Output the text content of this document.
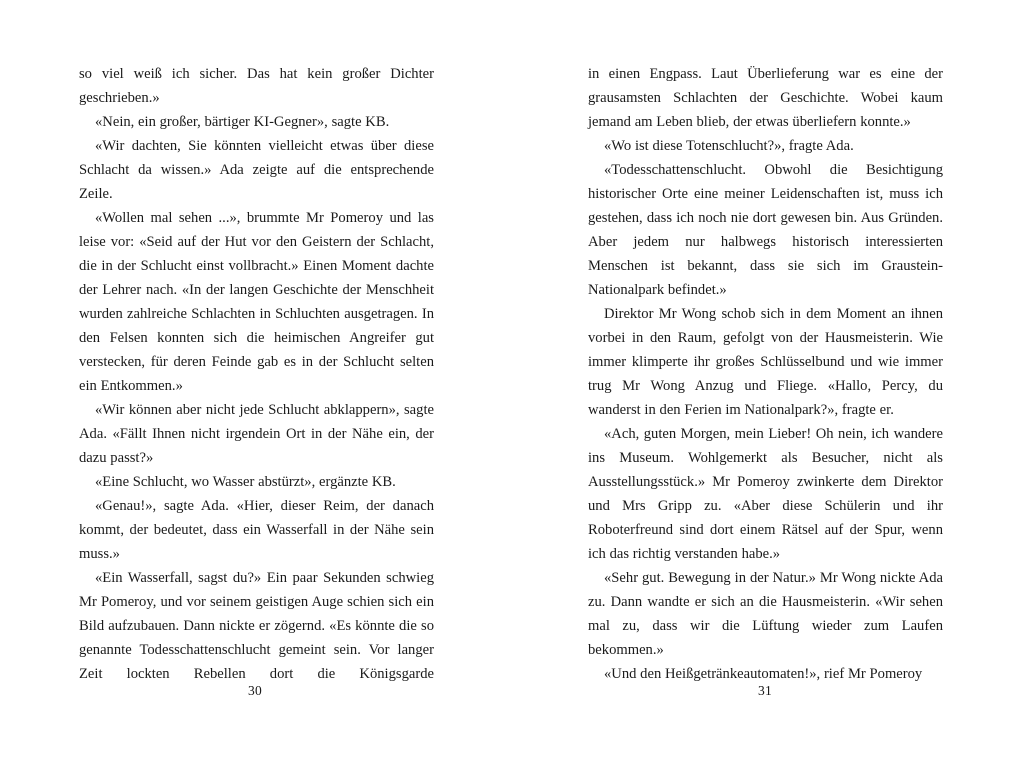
so viel weiß ich sicher. Das hat kein großer Dichter geschrieben.»

«Nein, ein großer, bärtiger KI-Gegner», sagte KB.

«Wir dachten, Sie könnten vielleicht etwas über diese Schlacht da wissen.» Ada zeigte auf die entsprechende Zeile.

«Wollen mal sehen ...», brummte Mr Pomeroy und las leise vor: «Seid auf der Hut vor den Geistern der Schlacht, die in der Schlucht einst vollbracht.» Einen Moment dachte der Lehrer nach. «In der langen Geschichte der Menschheit wurden zahlreiche Schlachten in Schluchten ausgetragen. In den Felsen konnten sich die heimischen Angreifer gut verstecken, für deren Feinde gab es in der Schlucht selten ein Entkommen.»

«Wir können aber nicht jede Schlucht abklappern», sagte Ada. «Fällt Ihnen nicht irgendein Ort in der Nähe ein, der dazu passt?»

«Eine Schlucht, wo Wasser abstürzt», ergänzte KB.

«Genau!», sagte Ada. «Hier, dieser Reim, der danach kommt, der bedeutet, dass ein Wasserfall in der Nähe sein muss.»

«Ein Wasserfall, sagst du?» Ein paar Sekunden schwieg Mr Pomeroy, und vor seinem geistigen Auge schien sich ein Bild aufzubauen. Dann nickte er zögernd. «Es könnte die so genannte Todesschattenschlucht gemeint sein. Vor langer Zeit lockten Rebellen dort die Königsgarde

30

in einen Engpass. Laut Überlieferung war es eine der grausamsten Schlachten der Geschichte. Wobei kaum jemand am Leben blieb, der etwas überliefern konnte.»

«Wo ist diese Totenschlucht?», fragte Ada.

«Todesschattenschlucht. Obwohl die Besichtigung historischer Orte eine meiner Leidenschaften ist, muss ich gestehen, dass ich noch nie dort gewesen bin. Aus Gründen. Aber jedem nur halbwegs historisch interessierten Menschen ist bekannt, dass sie sich im Graustein-Nationalpark befindet.»

Direktor Mr Wong schob sich in dem Moment an ihnen vorbei in den Raum, gefolgt von der Hausmeisterin. Wie immer klimperte ihr großes Schlüsselbund und wie immer trug Mr Wong Anzug und Fliege. «Hallo, Percy, du wanderst in den Ferien im Nationalpark?», fragte er.

«Ach, guten Morgen, mein Lieber! Oh nein, ich wandere ins Museum. Wohlgemerkt als Besucher, nicht als Ausstellungsstück.» Mr Pomeroy zwinkerte dem Direktor und Mrs Gripp zu. «Aber diese Schülerin und ihr Roboterfreund sind dort einem Rätsel auf der Spur, wenn ich das richtig verstanden habe.»

«Sehr gut. Bewegung in der Natur.» Mr Wong nickte Ada zu. Dann wandte er sich an die Hausmeisterin. «Wir sehen mal zu, dass wir die Lüftung wieder zum Laufen bekommen.»

«Und den Heißgetränkeautomaten!», rief Mr Pomeroy

31
